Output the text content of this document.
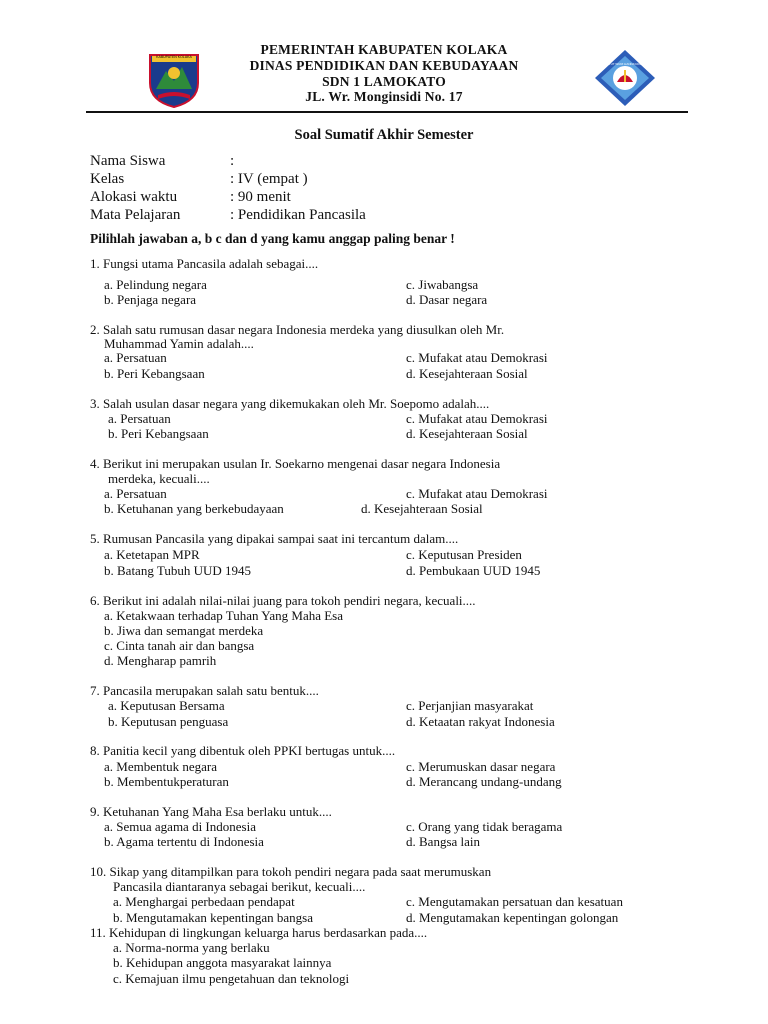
KABUPATEN KOLAKA
TUT WURI HANDAYANI
PEMERINTAH KABUPATEN KOLAKA
DINAS PENDIDIKAN DAN KEBUDAYAAN
SDN 1 LAMOKATO
JL. Wr. Monginsidi No. 17
Soal Sumatif Akhir Semester
Nama Siswa	:
Kelas	: IV (empat )
Alokasi waktu	: 90 menit
Mata Pelajaran	: Pendidikan Pancasila
Pilihlah jawaban a, b c dan d yang kamu anggap paling benar !
1. Fungsi utama Pancasila adalah sebagai....
a. Pelindung negara	c. Jiwabangsa
b. Penjaga negara	d. Dasar negara
2. Salah satu rumusan dasar negara Indonesia merdeka yang diusulkan oleh Mr.
Muhammad Yamin adalah....
a. Persatuan	c. Mufakat atau Demokrasi
b. Peri Kebangsaan	d. Kesejahteraan Sosial
3. Salah usulan dasar negara yang dikemukakan oleh Mr. Soepomo adalah....
a. Persatuan	c. Mufakat atau Demokrasi
b. Peri Kebangsaan	d. Kesejahteraan Sosial
4. Berikut ini merupakan usulan Ir. Soekarno mengenai dasar negara Indonesia
merdeka, kecuali....
a. Persatuan	c. Mufakat atau Demokrasi
b. Ketuhanan yang berkebudayaan	d. Kesejahteraan Sosial
5. Rumusan Pancasila yang dipakai sampai saat ini tercantum dalam....
a. Ketetapan MPR	c. Keputusan Presiden
b. Batang Tubuh UUD 1945	d. Pembukaan UUD 1945
6. Berikut ini adalah nilai-nilai juang para tokoh pendiri negara, kecuali....
a. Ketakwaan terhadap Tuhan Yang Maha Esa
b. Jiwa dan semangat merdeka
c. Cinta tanah air dan bangsa
d. Mengharap pamrih
7. Pancasila merupakan salah satu bentuk....
a. Keputusan Bersama	c. Perjanjian masyarakat
b. Keputusan penguasa	d. Ketaatan rakyat Indonesia
8. Panitia kecil yang dibentuk oleh PPKI bertugas untuk....
a. Membentuk negara	c. Merumuskan dasar negara
b. Membentukperaturan	d. Merancang undang-undang
9. Ketuhanan Yang Maha Esa berlaku untuk....
a. Semua agama di Indonesia	c. Orang yang tidak beragama
b. Agama tertentu di Indonesia	d. Bangsa lain
10. Sikap yang ditampilkan para tokoh pendiri negara pada saat merumuskan
Pancasila diantaranya sebagai berikut, kecuali....
a. Menghargai perbedaan pendapat	c. Mengutamakan persatuan dan kesatuan
b. Mengutamakan kepentingan bangsa	d. Mengutamakan kepentingan golongan
11. Kehidupan di lingkungan keluarga harus berdasarkan pada....
a. Norma-norma yang berlaku
b. Kehidupan anggota masyarakat lainnya
c. Kemajuan ilmu pengetahuan dan teknologi
